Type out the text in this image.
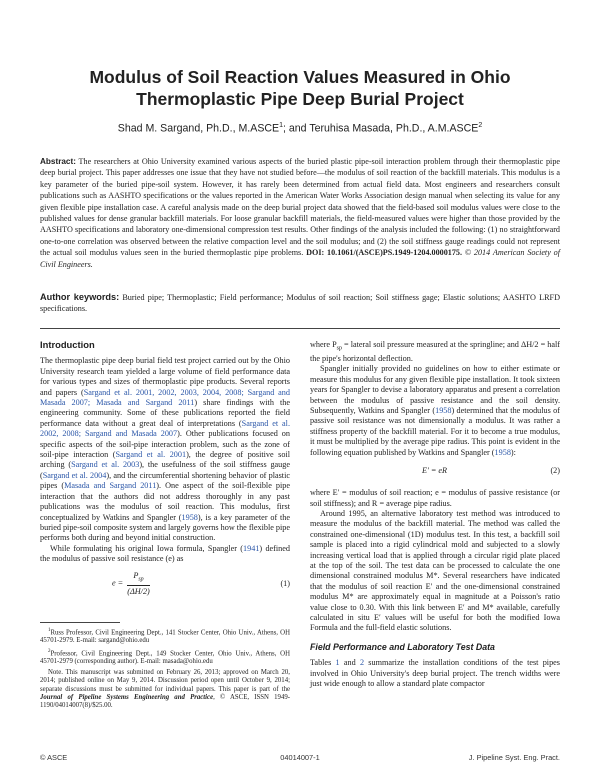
Modulus of Soil Reaction Values Measured in Ohio
Thermoplastic Pipe Deep Burial Project
Shad M. Sargand, Ph.D., M.ASCE$^1$; and Teruhisa Masada, Ph.D., A.M.ASCE$^2$
Abstract: The researchers at Ohio University examined various aspects of the buried plastic pipe-soil interaction problem through their thermoplastic pipe deep burial project. This paper addresses one issue that they have not studied before—the modulus of soil reaction of the backfill materials. This modulus is a key parameter of the buried pipe-soil system. However, it has rarely been determined from actual field data. Most engineers and researchers consult publications such as AASHTO specifications or the values reported in the American Water Works Association design manual when selecting its value for any given flexible pipe installation case. A careful analysis made on the deep burial project data showed that the field-based soil modulus values were close to the published values for dense granular backfill materials. For loose granular backfill materials, the field-measured values were higher than those provided by the AASHTO specifications and laboratory one-dimensional compression test results. Other findings of the analysis included the following: (1) no straightforward one-to-one correlation was observed between the relative compaction level and the soil modulus; and (2) the soil stiffness gauge readings could not represent the actual soil modulus values seen in the buried thermoplastic pipe problems. DOI: 10.1061/(ASCE)PS.1949-1204.0000175. © 2014 American Society of Civil Engineers.
Author keywords: Buried pipe; Thermoplastic; Field performance; Modulus of soil reaction; Soil stiffness gage; Elastic solutions; AASHTO LRFD specifications.
Introduction

The thermoplastic pipe deep burial field test project carried out by the Ohio University research team yielded a large volume of field performance data for various types and sizes of thermoplastic pipe products. Several reports and papers (Sargand et al. 2001, 2002, 2003, 2004, 2008; Sargand and Masada 2007; Masada and Sargand 2011) share findings with the engineering community. Some of these publications reported the field performance data without a great deal of interpretations (Sargand et al. 2002, 2008; Sargand and Masada 2007). Other publications focused on specific aspects of the soil-pipe interaction problem, such as the zone of soil-pipe interaction (Sargand et al. 2001), the degree of positive soil arching (Sargand et al. 2003), the usefulness of the soil stiffness gauge (Sargand et al. 2004), and the circumferential shortening behavior of plastic pipes (Masada and Sargand 2011). One aspect of the soil-flexible pipe interaction that the authors did not address thoroughly in any past publications was the modulus of soil reaction. This modulus, first conceptualized by Watkins and Spangler (1958), is a key parameter of the buried pipe-soil composite system and largely governs how the flexible pipe performs both during and beyond initial construction.

While formulating his original Iowa formula, Spangler (1941) defined the modulus of passive soil resistance (e) as

$e = \frac{P_{sp}}{(\Delta H/2)}$	(1)

$^1$Russ Professor, Civil Engineering Dept., 141 Stocker Center, Ohio Univ., Athens, OH 45701-2979. E-mail: sargand@ohio.edu

$^2$Professor, Civil Engineering Dept., 149 Stocker Center, Ohio Univ., Athens, OH 45701-2979 (corresponding author). E-mail: masada@ohio.edu

Note. This manuscript was submitted on February 26, 2013; approved on March 20, 2014; published online on May 9, 2014. Discussion period open until October 9, 2014; separate discussions must be submitted for individual papers. This paper is part of the Journal of Pipeline Systems Engineering and Practice, © ASCE, ISSN 1949-1190/04014007(8)/$25.00.

where $P_{sp}$ = lateral soil pressure measured at the springline; and ΔH/2 = half the pipe's horizontal deflection.

Spangler initially provided no guidelines on how to either estimate or measure this modulus for any given flexible pipe installation. It took sixteen years for Spangler to devise a laboratory apparatus and present a correlation between the modulus of passive resistance and the soil density. Subsequently, Watkins and Spangler (1958) determined that the modulus of passive soil resistance was not dimensionally a modulus. It was rather a stiffness property of the backfill material. For it to become a true modulus, it must be multiplied by the average pipe radius. This point is evident in the following equation published by Watkins and Spangler (1958):

E′ = eR	(2)

where E′ = modulus of soil reaction; e = modulus of passive resistance (or soil stiffness); and R = average pipe radius.

Around 1995, an alternative laboratory test method was introduced to measure the modulus of the backfill material. The method was called the constrained one-dimensional (1D) modulus test. In this test, a backfill soil sample is placed into a rigid cylindrical mold and subjected to a slowly increasing vertical load that is applied through a circular rigid plate placed at the top of the soil. The test data can be processed to calculate the one dimensional constrained modulus M*. Several researchers have indicated that the modulus of soil reaction E′ and the one-dimensional constrained modulus M* are approximately equal in magnitude at a Poisson's ratio value close to 0.30. With this link between E′ and M* available, carefully calculated in situ E′ values will be useful for both the modified Iowa Formula and the full-field elastic solutions.

Field Performance and Laboratory Test Data

Tables 1 and 2 summarize the installation conditions of the test pipes involved in Ohio University's deep burial project. The trench widths were just wide enough to allow a standard plate compactor

© ASCE	04014007-1	J. Pipeline Syst. Eng. Pract.
